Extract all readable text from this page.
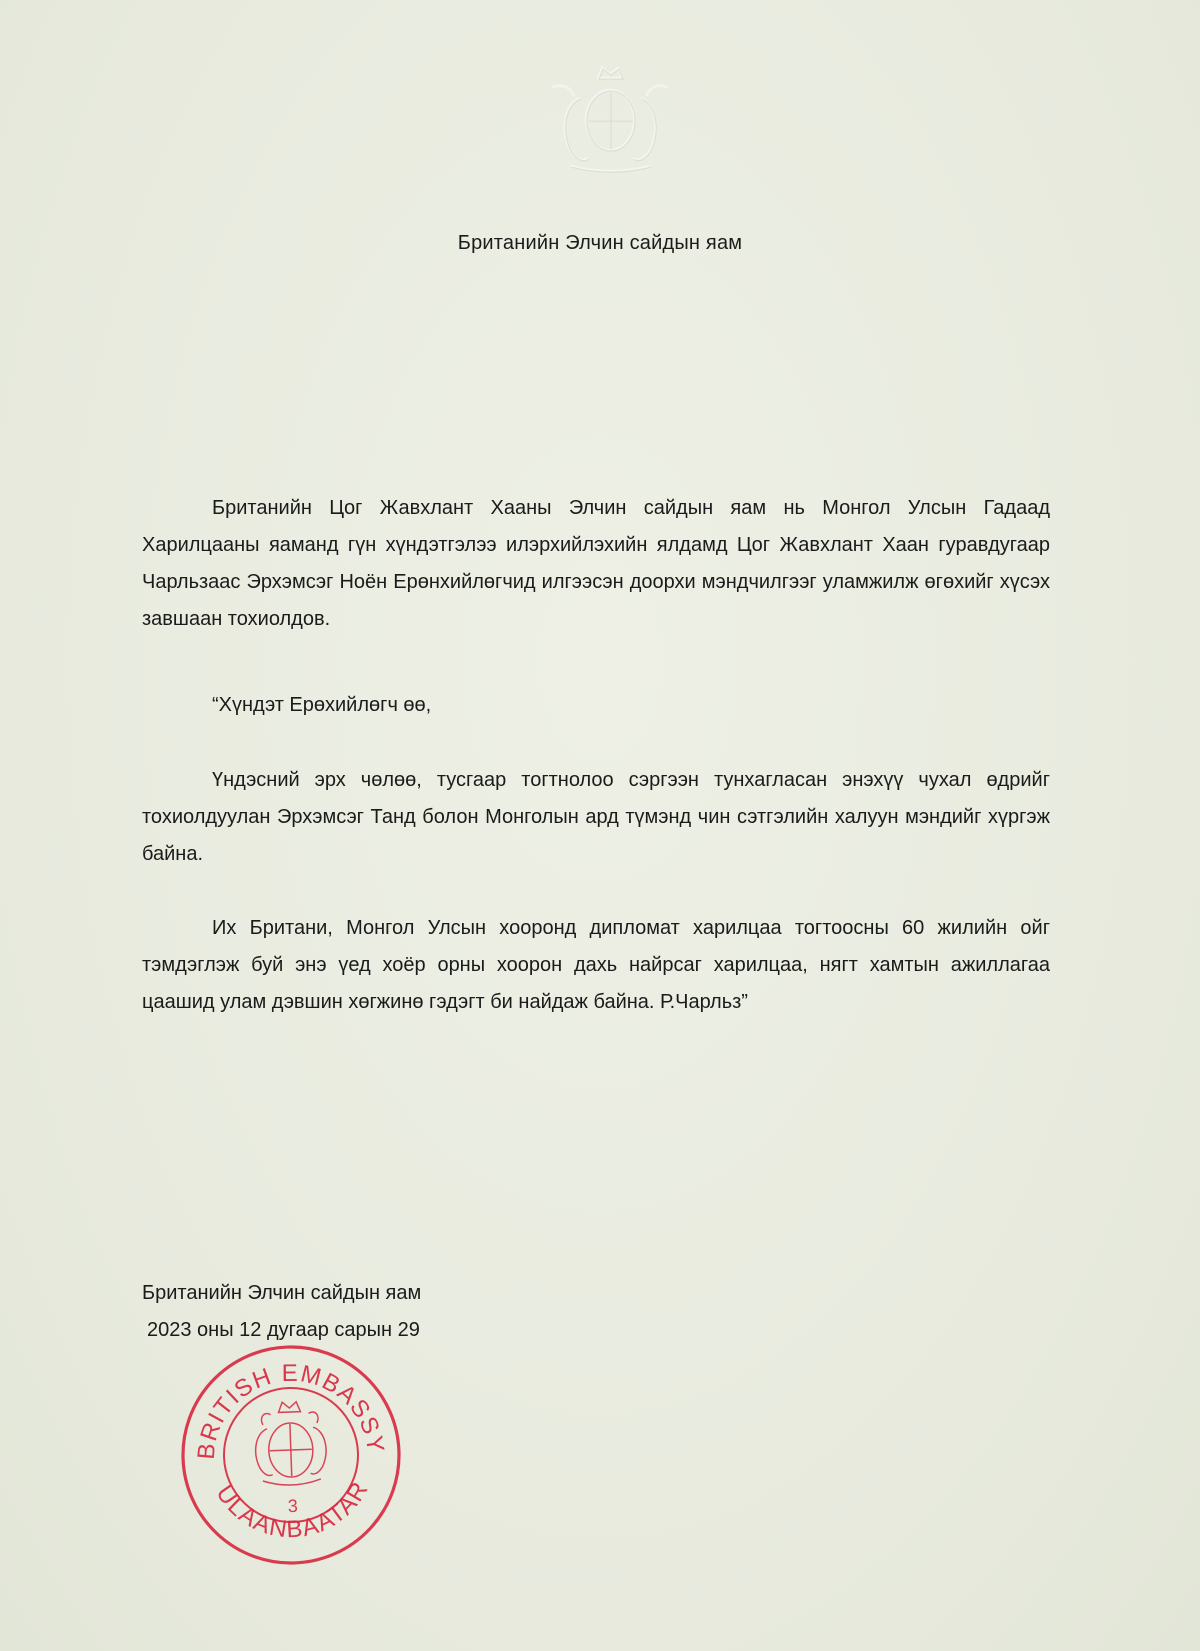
Британийн Элчин сайдын яам
Британийн Цог Жавхлант Хааны Элчин сайдын яам нь Монгол Улсын Гадаад Харилцааны яаманд гүн хүндэтгэлээ илэрхийлэхийн ялдамд Цог Жавхлант Хаан гуравдугаар Чарльзаас Эрхэмсэг Ноён Ерөнхийлөгчид илгээсэн доорхи мэндчилгээг уламжилж өгөхийг хүсэх завшаан тохиолдов.
“Хүндэт Ерөхийлөгч өө,
Үндэсний эрх чөлөө, тусгаар тогтнолоо сэргээн тунхагласан энэхүү чухал өдрийг тохиолдуулан Эрхэмсэг Танд болон Монголын ард түмэнд чин сэтгэлийн халуун мэндийг хүргэж байна.
Их Британи, Монгол Улсын хооронд дипломат харилцаа тогтоосны 60 жилийн ойг тэмдэглэж буй энэ үед хоёр орны хоорон дахь найрсаг харилцаа, нягт хамтын ажиллагаа цаашид улам дэвшин хөгжинө гэдэгт би найдаж байна. Р.Чарльз”
Британийн Элчин сайдын яам
2023 оны 12 дугаар сарын 29
BRITISH EMBASSY
ULAANBAATAR
3
